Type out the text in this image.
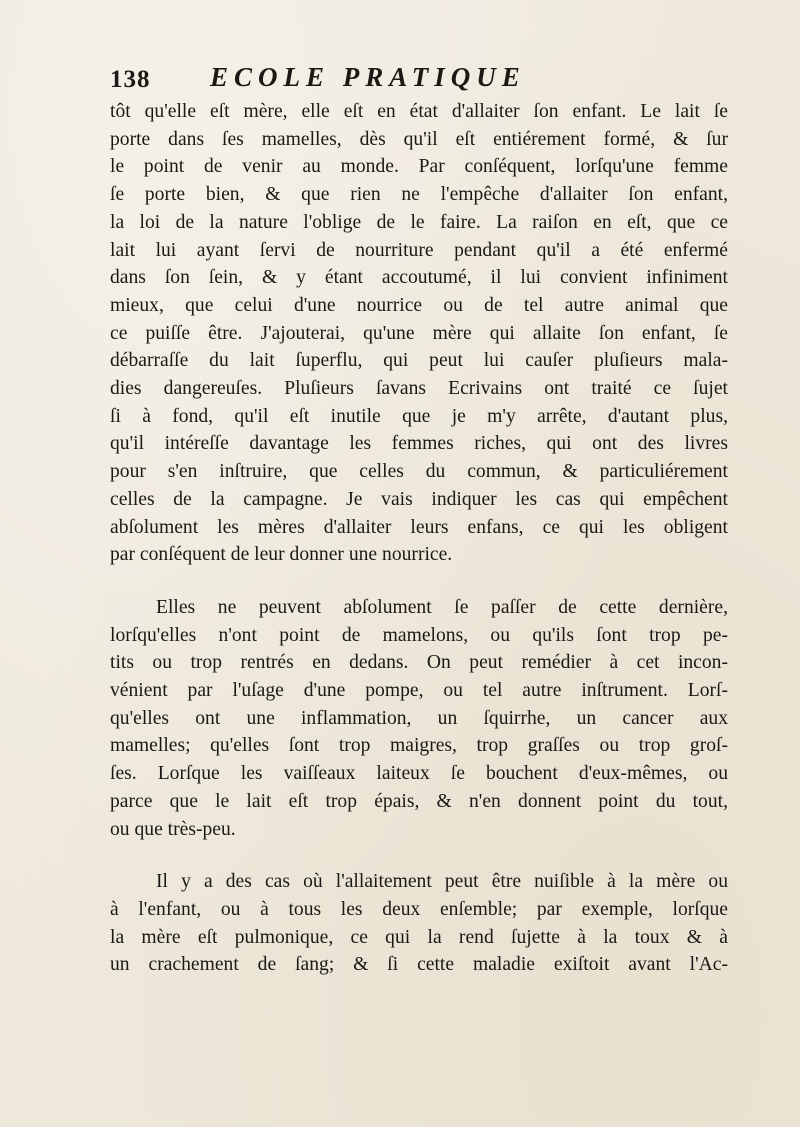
138 ECOLE PRATIQUE

tôt qu'elle eſt mère, elle eſt en état d'allaiter ſon enfant. Le lait ſe
porte dans ſes mamelles, dès qu'il eſt entiérement formé, & ſur
le point de venir au monde. Par conſéquent, lorſqu'une femme
ſe porte bien, & que rien ne l'empêche d'allaiter ſon enfant,
la loi de la nature l'oblige de le faire. La raiſon en eſt, que ce
lait lui ayant ſervi de nourriture pendant qu'il a été enfermé
dans ſon ſein, & y étant accoutumé, il lui convient infiniment
mieux, que celui d'une nourrice ou de tel autre animal que
ce puiſſe être. J'ajouterai, qu'une mère qui allaite ſon enfant, ſe
débarraſſe du lait ſuperflu, qui peut lui cauſer pluſieurs mala-
dies dangereuſes. Pluſieurs ſavans Ecrivains ont traité ce ſujet
ſi à fond, qu'il eſt inutile que je m'y arrête, d'autant plus,
qu'il intéreſſe davantage les femmes riches, qui ont des livres
pour s'en inſtruire, que celles du commun, & particuliérement
celles de la campagne. Je vais indiquer les cas qui empêchent
abſolument les mères d'allaiter leurs enfans, ce qui les obligent
par conſéquent de leur donner une nourrice.

Elles ne peuvent abſolument ſe paſſer de cette dernière,
lorſqu'elles n'ont point de mamelons, ou qu'ils ſont trop pe-
tits ou trop rentrés en dedans. On peut remédier à cet incon-
vénient par l'uſage d'une pompe, ou tel autre inſtrument. Lorſ-
qu'elles ont une inflammation, un ſquirrhe, un cancer aux
mamelles; qu'elles ſont trop maigres, trop graſſes ou trop groſ-
ſes. Lorſque les vaiſſeaux laiteux ſe bouchent d'eux-mêmes, ou
parce que le lait eſt trop épais, & n'en donnent point du tout,
ou que très-peu.

Il y a des cas où l'allaitement peut être nuiſible à la mère ou
à l'enfant, ou à tous les deux enſemble; par exemple, lorſque
la mère eſt pulmonique, ce qui la rend ſujette à la toux & à
un crachement de ſang; & ſi cette maladie exiſtoit avant l'Ac-
